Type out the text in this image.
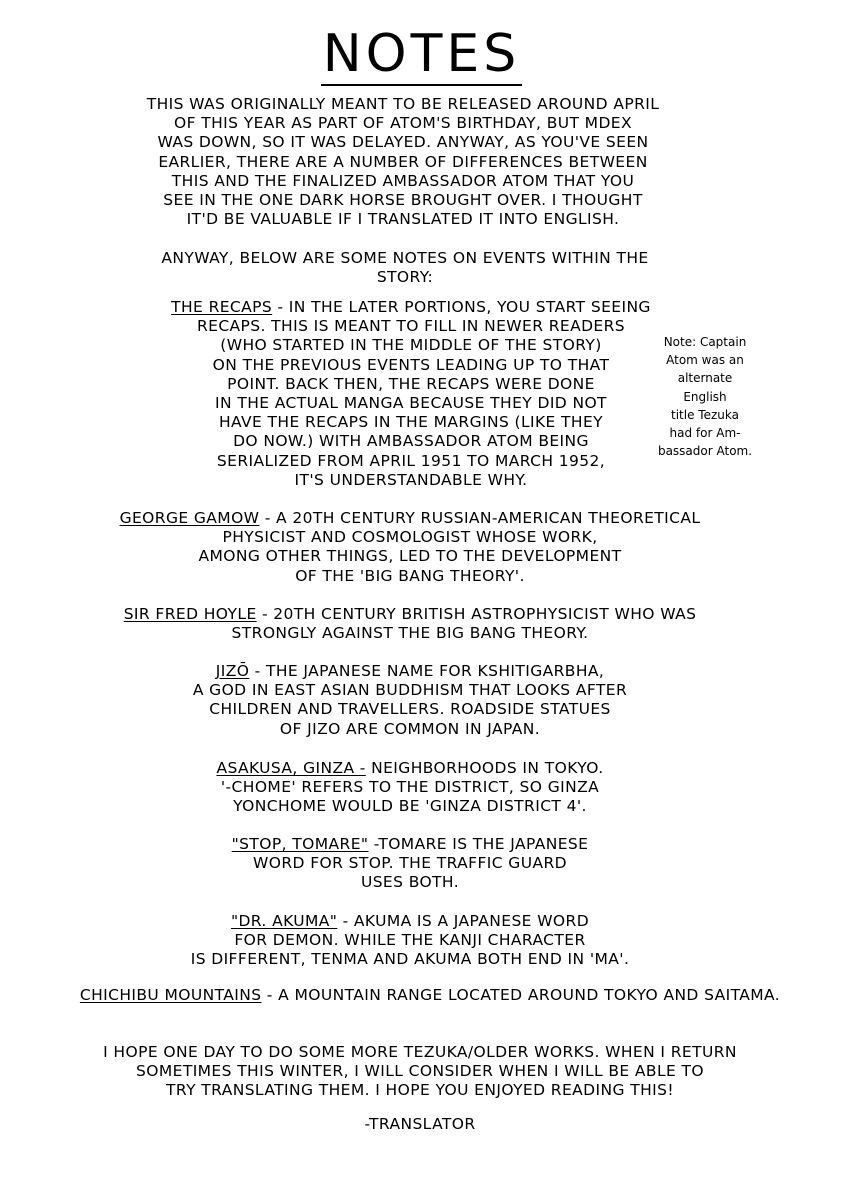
NOTES
THIS WAS ORIGINALLY MEANT TO BE RELEASED AROUND APRIL
OF THIS YEAR AS PART OF ATOM'S BIRTHDAY, BUT MDEX
WAS DOWN, SO IT WAS DELAYED. ANYWAY, AS YOU'VE SEEN
EARLIER, THERE ARE A NUMBER OF DIFFERENCES BETWEEN
THIS AND THE FINALIZED AMBASSADOR ATOM THAT YOU
SEE IN THE ONE DARK HORSE BROUGHT OVER. I THOUGHT
IT'D BE VALUABLE IF I TRANSLATED IT INTO ENGLISH.
ANYWAY, BELOW ARE SOME NOTES ON EVENTS WITHIN THE
STORY:
THE RECAPS - IN THE LATER PORTIONS, YOU START SEEING
RECAPS. THIS IS MEANT TO FILL IN NEWER READERS
(WHO STARTED IN THE MIDDLE OF THE STORY)
ON THE PREVIOUS EVENTS LEADING UP TO THAT
POINT. BACK THEN, THE RECAPS WERE DONE
IN THE ACTUAL MANGA BECAUSE THEY DID NOT
HAVE THE RECAPS IN THE MARGINS (LIKE THEY
DO NOW.) WITH AMBASSADOR ATOM BEING
SERIALIZED FROM APRIL 1951 TO MARCH 1952,
IT'S UNDERSTANDABLE WHY.
Note: Captain
Atom was an
alternate
English
title Tezuka
had for Am-
bassador Atom.
GEORGE GAMOW - A 20TH CENTURY RUSSIAN-AMERICAN THEORETICAL
PHYSICIST AND COSMOLOGIST WHOSE WORK,
AMONG OTHER THINGS, LED TO THE DEVELOPMENT
OF THE 'BIG BANG THEORY'.
SIR FRED HOYLE - 20TH CENTURY BRITISH ASTROPHYSICIST WHO WAS
STRONGLY AGAINST THE BIG BANG THEORY.
JIZŌ - THE JAPANESE NAME FOR KSHITIGARBHA,
A GOD IN EAST ASIAN BUDDHISM THAT LOOKS AFTER
CHILDREN AND TRAVELLERS. ROADSIDE STATUES
OF JIZO ARE COMMON IN JAPAN.
ASAKUSA, GINZA - NEIGHBORHOODS IN TOKYO.
'-CHOME' REFERS TO THE DISTRICT, SO GINZA
YONCHOME WOULD BE 'GINZA DISTRICT 4'.
"STOP, TOMARE" -TOMARE IS THE JAPANESE
WORD FOR STOP. THE TRAFFIC GUARD
USES BOTH.
"DR. AKUMA" - AKUMA IS A JAPANESE WORD
FOR DEMON. WHILE THE KANJI CHARACTER
IS DIFFERENT, TENMA AND AKUMA BOTH END IN 'MA'.
CHICHIBU MOUNTAINS - A MOUNTAIN RANGE LOCATED AROUND TOKYO AND SAITAMA.
I HOPE ONE DAY TO DO SOME MORE TEZUKA/OLDER WORKS. WHEN I RETURN
SOMETIMES THIS WINTER, I WILL CONSIDER WHEN I WILL BE ABLE TO
TRY TRANSLATING THEM. I HOPE YOU ENJOYED READING THIS!
-TRANSLATOR
